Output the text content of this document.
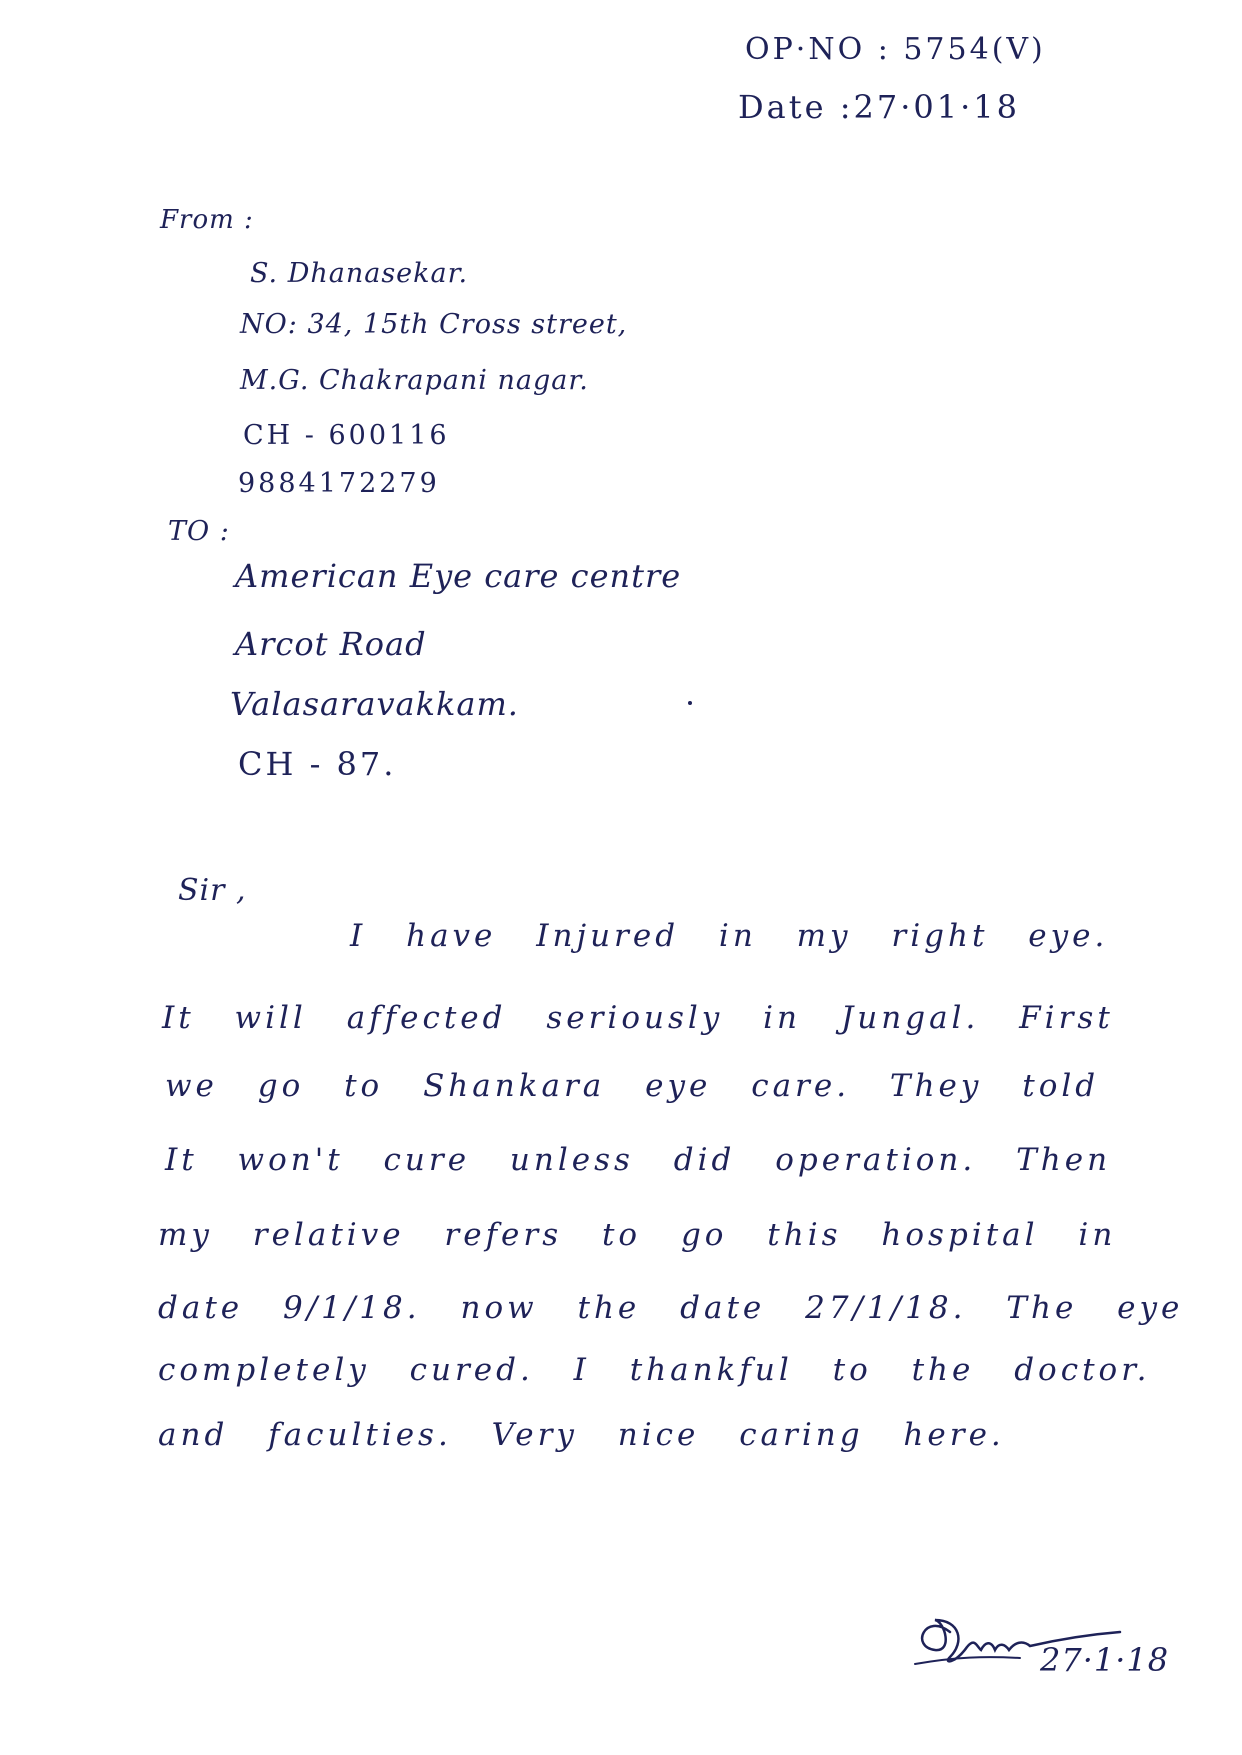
OP·NO : 5754(V)
Date :27·01·18
From :
S. Dhanasekar.
NO: 34, 15th Cross street,
M.G. Chakrapani nagar.
CH - 600116
9884172279
TO :
American Eye care centre
Arcot Road
Valasaravakkam.
CH - 87.
Sir ,
I have Injured in my right eye.
It will affected seriously in Jungal. First
we go to Shankara eye care. They told
It won't cure unless did operation. Then
my relative refers to go this hospital in
date 9/1/18. now the date 27/1/18. The eye
completely cured. I thankful to the doctor.
and faculties. Very nice caring here.
27·1·18
